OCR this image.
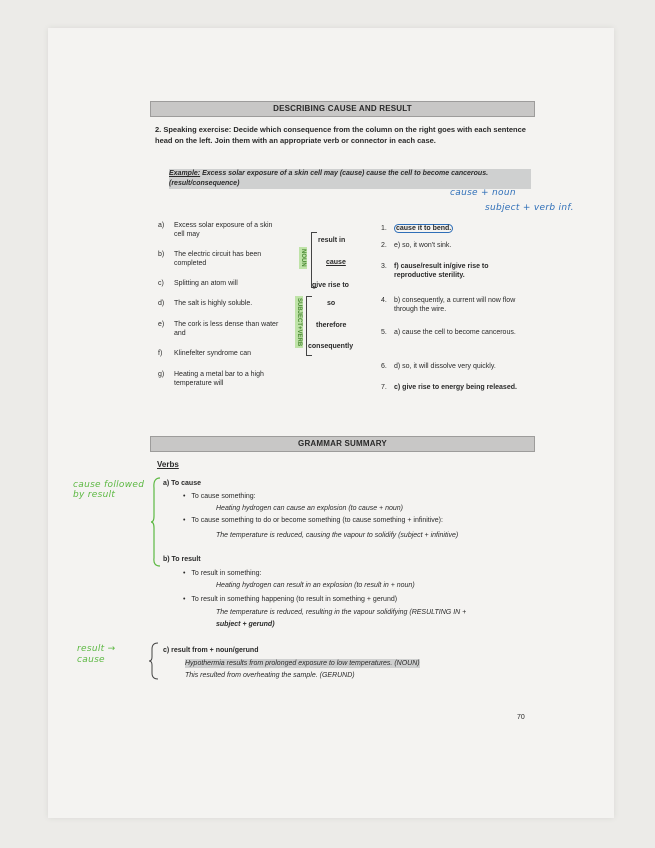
DESCRIBING CAUSE AND RESULT
2. Speaking exercise: Decide which consequence from the column on the right goes with each sentence head on the left. Join them with an appropriate verb or connector in each case.
Example: Excess solar exposure of a skin cell may (cause) cause the cell to become cancerous. (result/consequence)
cause + noun
subject + verb inf.
a) Excess solar exposure of a skin cell may
b) The electric circuit has been completed
c) Splitting an atom will
d) The salt is highly soluble.
e) The cork is less dense than water and
f) Klinefelter syndrome can
g) Heating a metal bar to a high temperature will
result in
cause
give rise to
NOUN
so
therefore
consequently
SUBJECT+VERB
1. cause it to bend.
2. e) so, it won't sink.
3. f) cause/result in/give rise to reproductive sterility.
4. b) consequently, a current will now flow through the wire.
5. a) cause the cell to become cancerous.
6. d) so, it will dissolve very quickly.
7. c) give rise to energy being released.
GRAMMAR SUMMARY
Verbs
cause followed by result
a) To cause
• To cause something:
Heating hydrogen can cause an explosion (to cause + noun)
• To cause something to do or become something (to cause something + infinitive):
The temperature is reduced, causing the vapour to solidify (subject + infinitive)
b) To result
• To result in something:
Heating hydrogen can result in an explosion (to result in + noun)
• To result in something happening (to result in something + gerund)
The temperature is reduced, resulting in the vapour solidifying (RESULTING IN +
subject + gerund)
result → cause
c) result from + noun/gerund
Hypothermia results from prolonged exposure to low temperatures. (NOUN)
This resulted from overheating the sample. (GERUND)
70
